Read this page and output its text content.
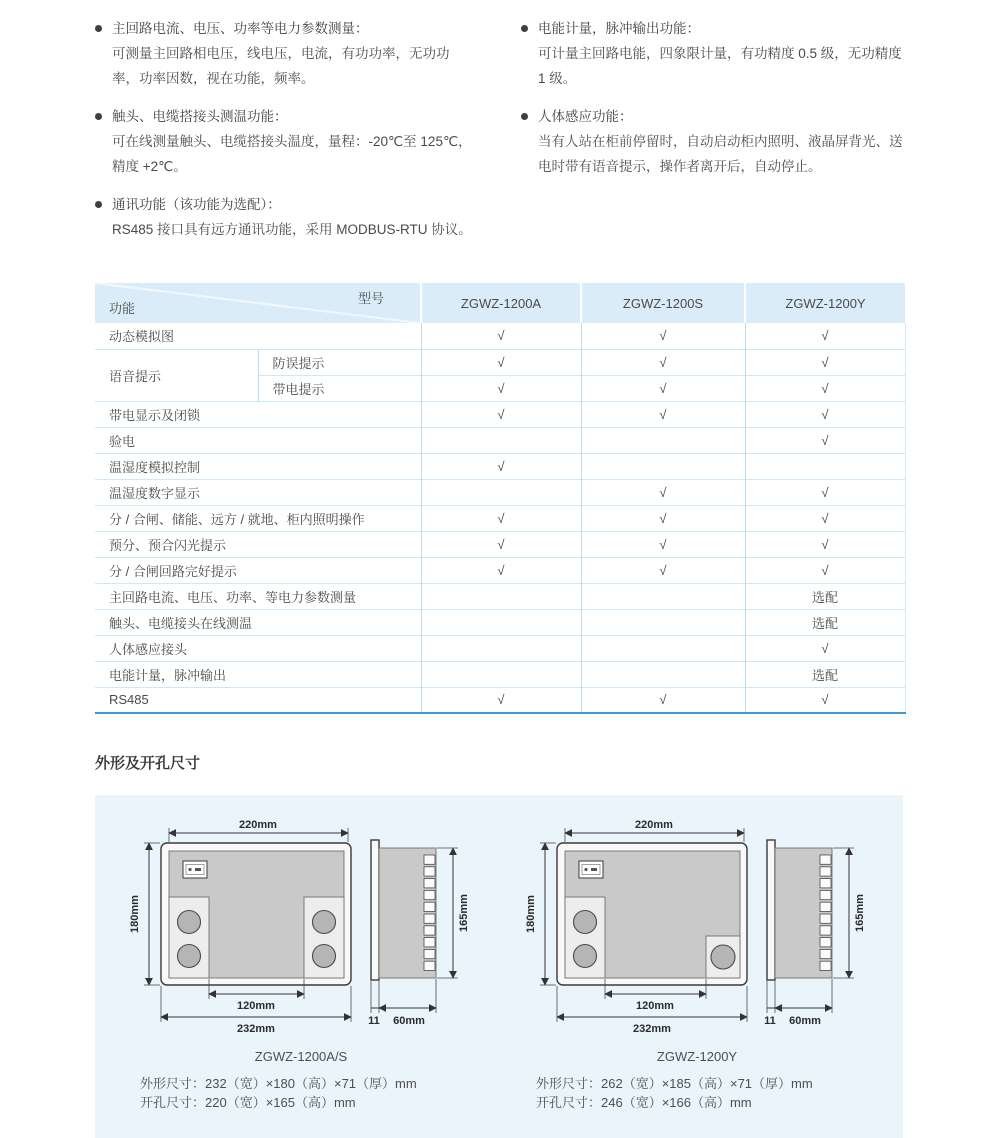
主回路电流、电压、功率等电力参数测量：
可测量主回路相电压，线电压，电流，有功功率，无功功率，功率因数，视在功能，频率。
触头、电缆搭接头测温功能：
可在线测量触头、电缆搭接头温度，量程：-20℃至 125℃，精度 +2℃。
通讯功能（该功能为选配）：
RS485 接口具有远方通讯功能，采用 MODBUS-RTU 协议。
电能计量，脉冲输出功能：
可计量主回路电能，四象限计量，有功精度 0.5 级，无功精度 1 级。
人体感应功能：
当有人站在柜前停留时，自动启动柜内照明、液晶屏背光、送电时带有语音提示，操作者离开后，自动停止。
型号
功能		ZGWZ-1200A	ZGWZ-1200S	ZGWZ-1200Y
动态模拟图		√	√	√
语音提示	防误提示	√	√	√
	带电提示	√	√	√
带电显示及闭锁		√	√	√
验电				√
温湿度模拟控制		√		
温湿度数字显示			√	√
分 / 合闸、储能、远方 / 就地、柜内照明操作		√	√	√
预分、预合闪光提示		√	√	√
分 / 合闸回路完好提示		√	√	√
主回路电流、电压、功率、等电力参数测量				选配
触头、电缆接头在线测温				选配
人体感应接头				√
电能计量，脉冲输出				选配
RS485		√	√	√
外形及开孔尺寸
220mm
180mm
120mm
232mm
165mm
11 60mm
ZGWZ-1200A/S
外形尺寸：232（宽）×180（高）×71（厚）mm
开孔尺寸：220（宽）×165（高）mm
220mm
180mm
120mm
232mm
165mm
11 60mm
ZGWZ-1200Y
外形尺寸：262（宽）×185（高）×71（厚）mm
开孔尺寸：246（宽）×166（高）mm
